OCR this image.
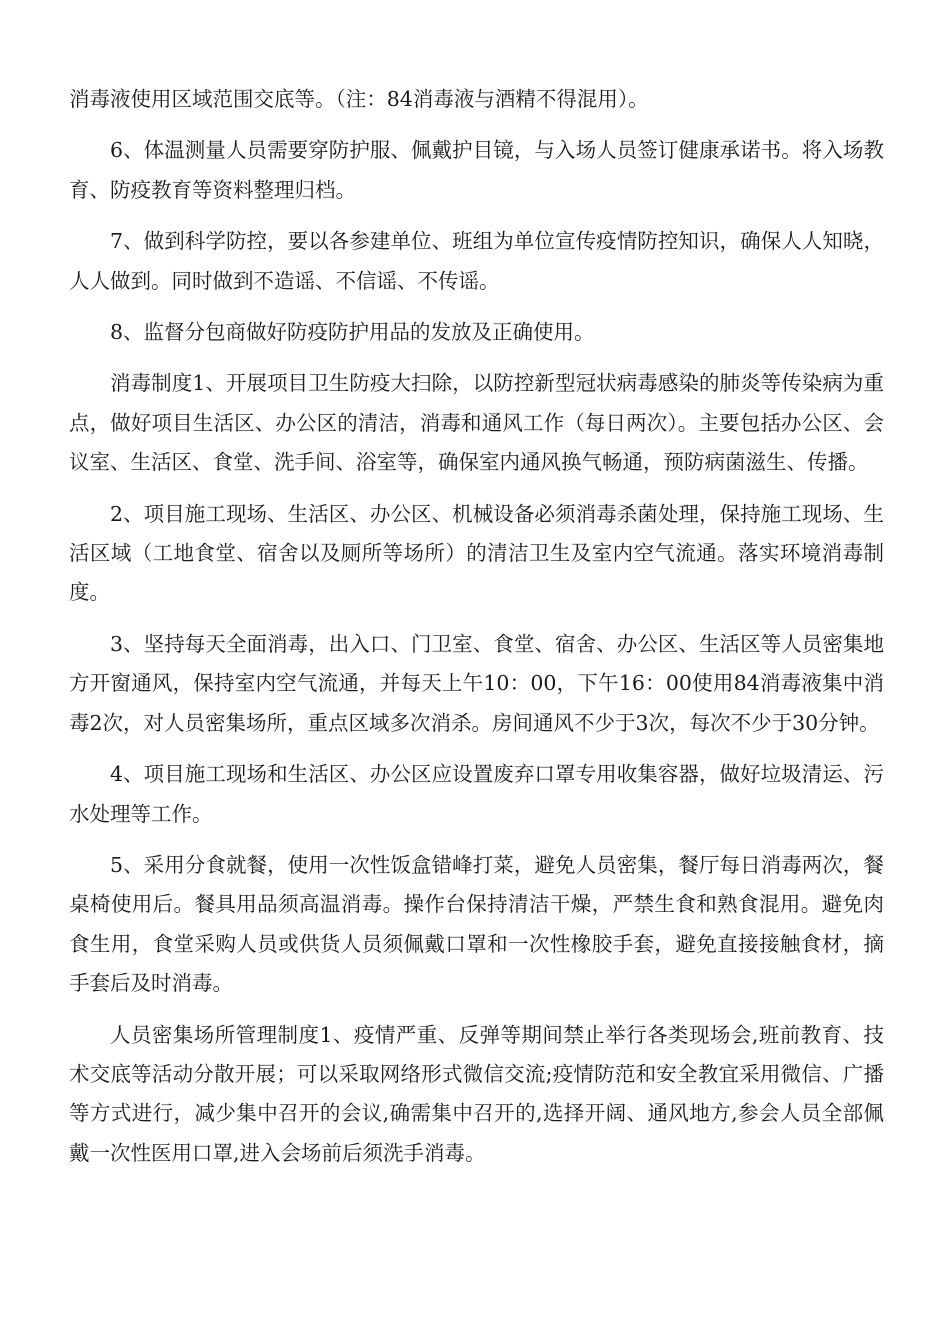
消毒液使用区域范围交底等。（注：84消毒液与酒精不得混用）。

6、体温测量人员需要穿防护服、佩戴护目镜，与入场人员签订健康承诺书。将入场教育、防疫教育等资料整理归档。

7、做到科学防控，要以各参建单位、班组为单位宣传疫情防控知识，确保人人知晓，人人做到。同时做到不造谣、不信谣、不传谣。

8、监督分包商做好防疫防护用品的发放及正确使用。

消毒制度1、开展项目卫生防疫大扫除，以防控新型冠状病毒感染的肺炎等传染病为重点，做好项目生活区、办公区的清洁，消毒和通风工作（每日两次）。主要包括办公区、会议室、生活区、食堂、洗手间、浴室等，确保室内通风换气畅通，预防病菌滋生、传播。

2、项目施工现场、生活区、办公区、机械设备必须消毒杀菌处理，保持施工现场、生活区域（工地食堂、宿舍以及厕所等场所）的清洁卫生及室内空气流通。落实环境消毒制度。

3、坚持每天全面消毒，出入口、门卫室、食堂、宿舍、办公区、生活区等人员密集地方开窗通风，保持室内空气流通，并每天上午10：00，下午16：00使用84消毒液集中消毒2次，对人员密集场所，重点区域多次消杀。房间通风不少于3次，每次不少于30分钟。

4、项目施工现场和生活区、办公区应设置废弃口罩专用收集容器，做好垃圾清运、污水处理等工作。

5、采用分食就餐，使用一次性饭盒错峰打菜，避免人员密集，餐厅每日消毒两次，餐桌椅使用后。餐具用品须高温消毒。操作台保持清洁干燥，严禁生食和熟食混用。避免肉食生用，食堂采购人员或供货人员须佩戴口罩和一次性橡胶手套，避免直接接触食材，摘手套后及时消毒。

人员密集场所管理制度1、疫情严重、反弹等期间禁止举行各类现场会,班前教育、技术交底等活动分散开展；可以采取网络形式微信交流;疫情防范和安全教宜采用微信、广播等方式进行，减少集中召开的会议,确需集中召开的,选择开阔、通风地方,参会人员全部佩戴一次性医用口罩,进入会场前后须洗手消毒。
